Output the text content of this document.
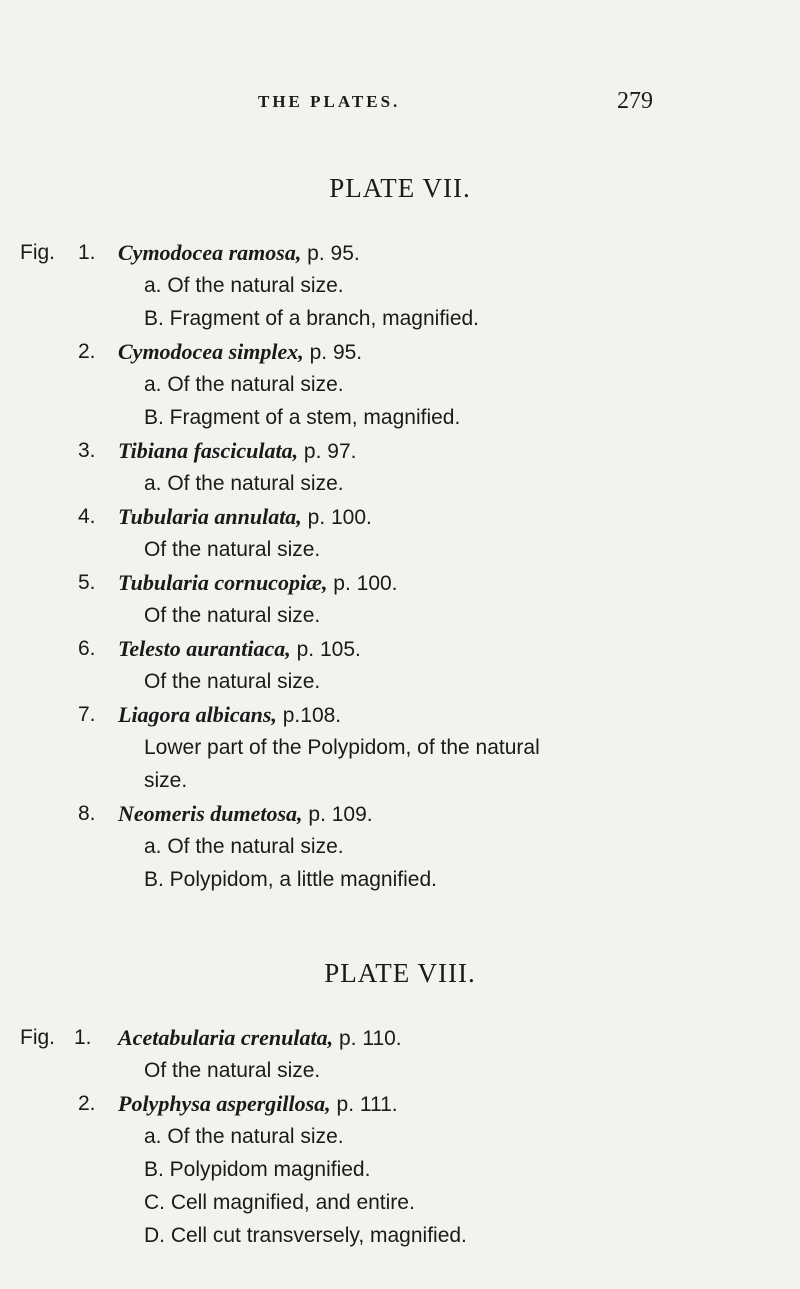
THE PLATES.	279
PLATE VII.
Fig. 1. Cymodocea ramosa, p. 95.
a. Of the natural size.
B. Fragment of a branch, magnified.
2. Cymodocea simplex, p. 95.
a. Of the natural size.
B. Fragment of a stem, magnified.
3. Tibiana fasciculata, p. 97.
a. Of the natural size.
4. Tubularia annulata, p. 100.
Of the natural size.
5. Tubularia cornucopiæ, p. 100.
Of the natural size.
6. Telesto aurantiaca, p. 105.
Of the natural size.
7. Liagora albicans, p.108.
Lower part of the Polypidom, of the natural
size.
8. Neomeris dumetosa, p. 109.
a. Of the natural size.
B. Polypidom, a little magnified.
PLATE VIII.
Fig. 1. Acetabularia crenulata, p. 110.
Of the natural size.
2. Polyphysa aspergillosa, p. 111.
a. Of the natural size.
B. Polypidom magnified.
C. Cell magnified, and entire.
D. Cell cut transversely, magnified.
